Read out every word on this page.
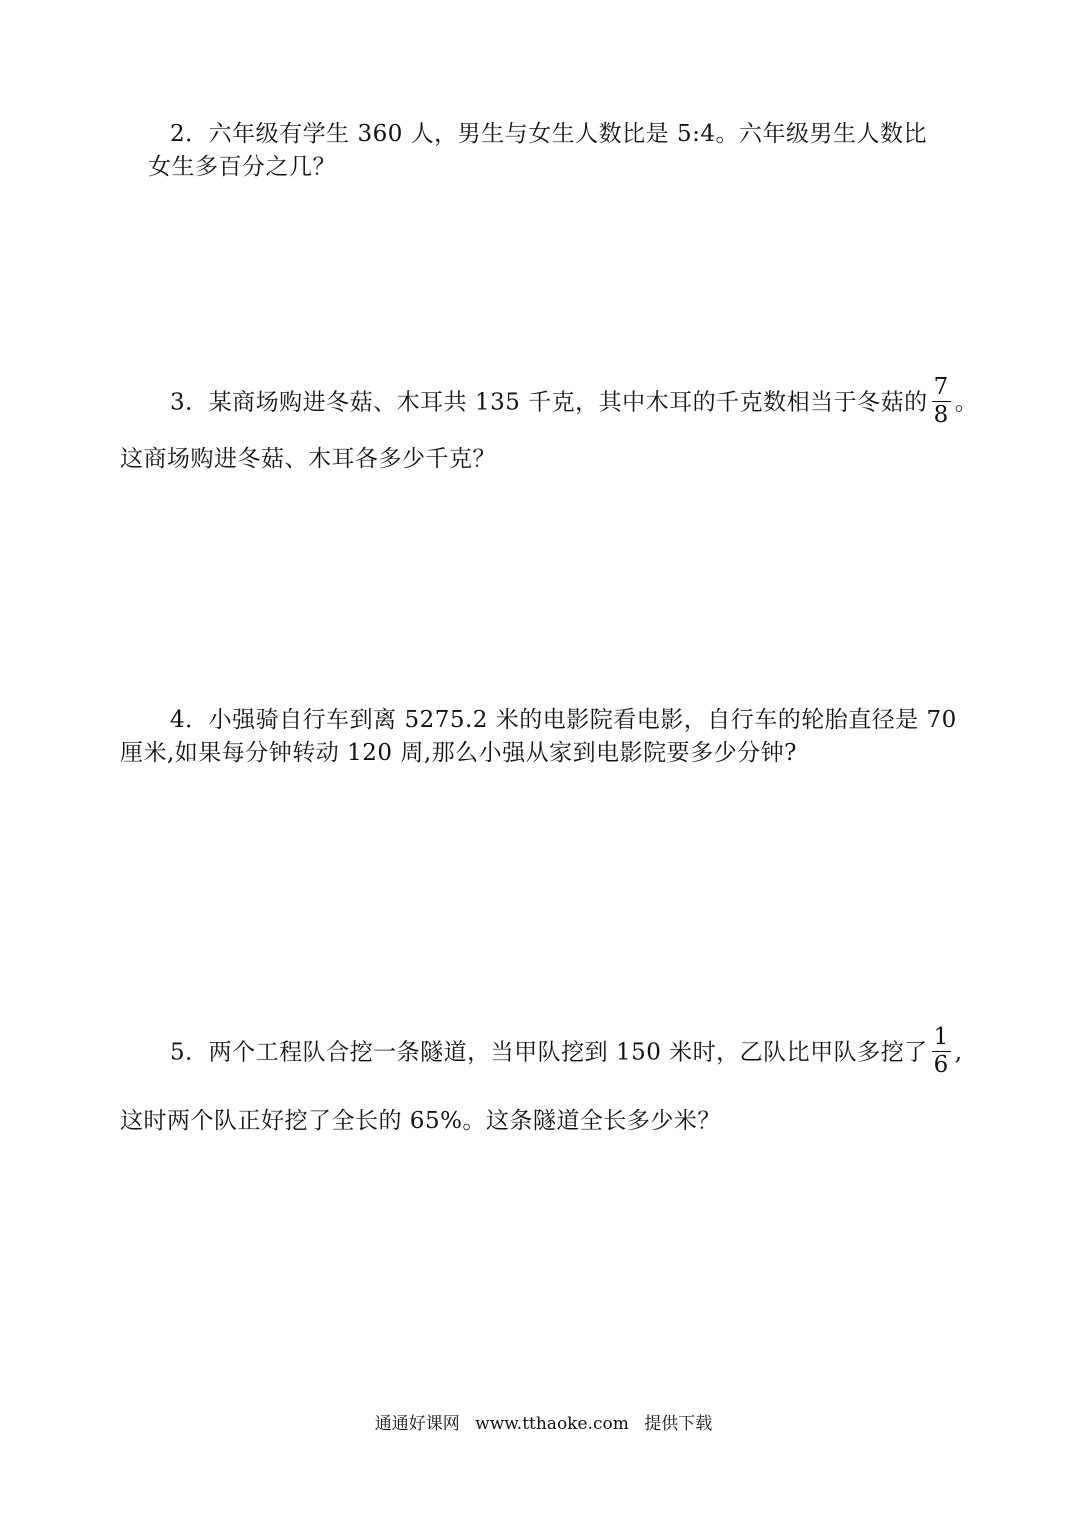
2．六年级有学生 360 人，男生与女生人数比是 5:4。六年级男生人数比
女生多百分之几？
3．某商场购进冬菇、木耳共 135 千克，其中木耳的千克数相当于冬菇的 $\frac{7}{8}$ 。
这商场购进冬菇、木耳各多少千克？
4．小强骑自行车到离 5275.2 米的电影院看电影，自行车的轮胎直径是 70
厘米,如果每分钟转动 120 周,那么小强从家到电影院要多少分钟?
5．两个工程队合挖一条隧道，当甲队挖到 150 米时，乙队比甲队多挖了 $\frac{1}{6}$ ,
这时两个队正好挖了全长的 65%。这条隧道全长多少米？
通通好课网 www.tthaoke.com 提供下载
